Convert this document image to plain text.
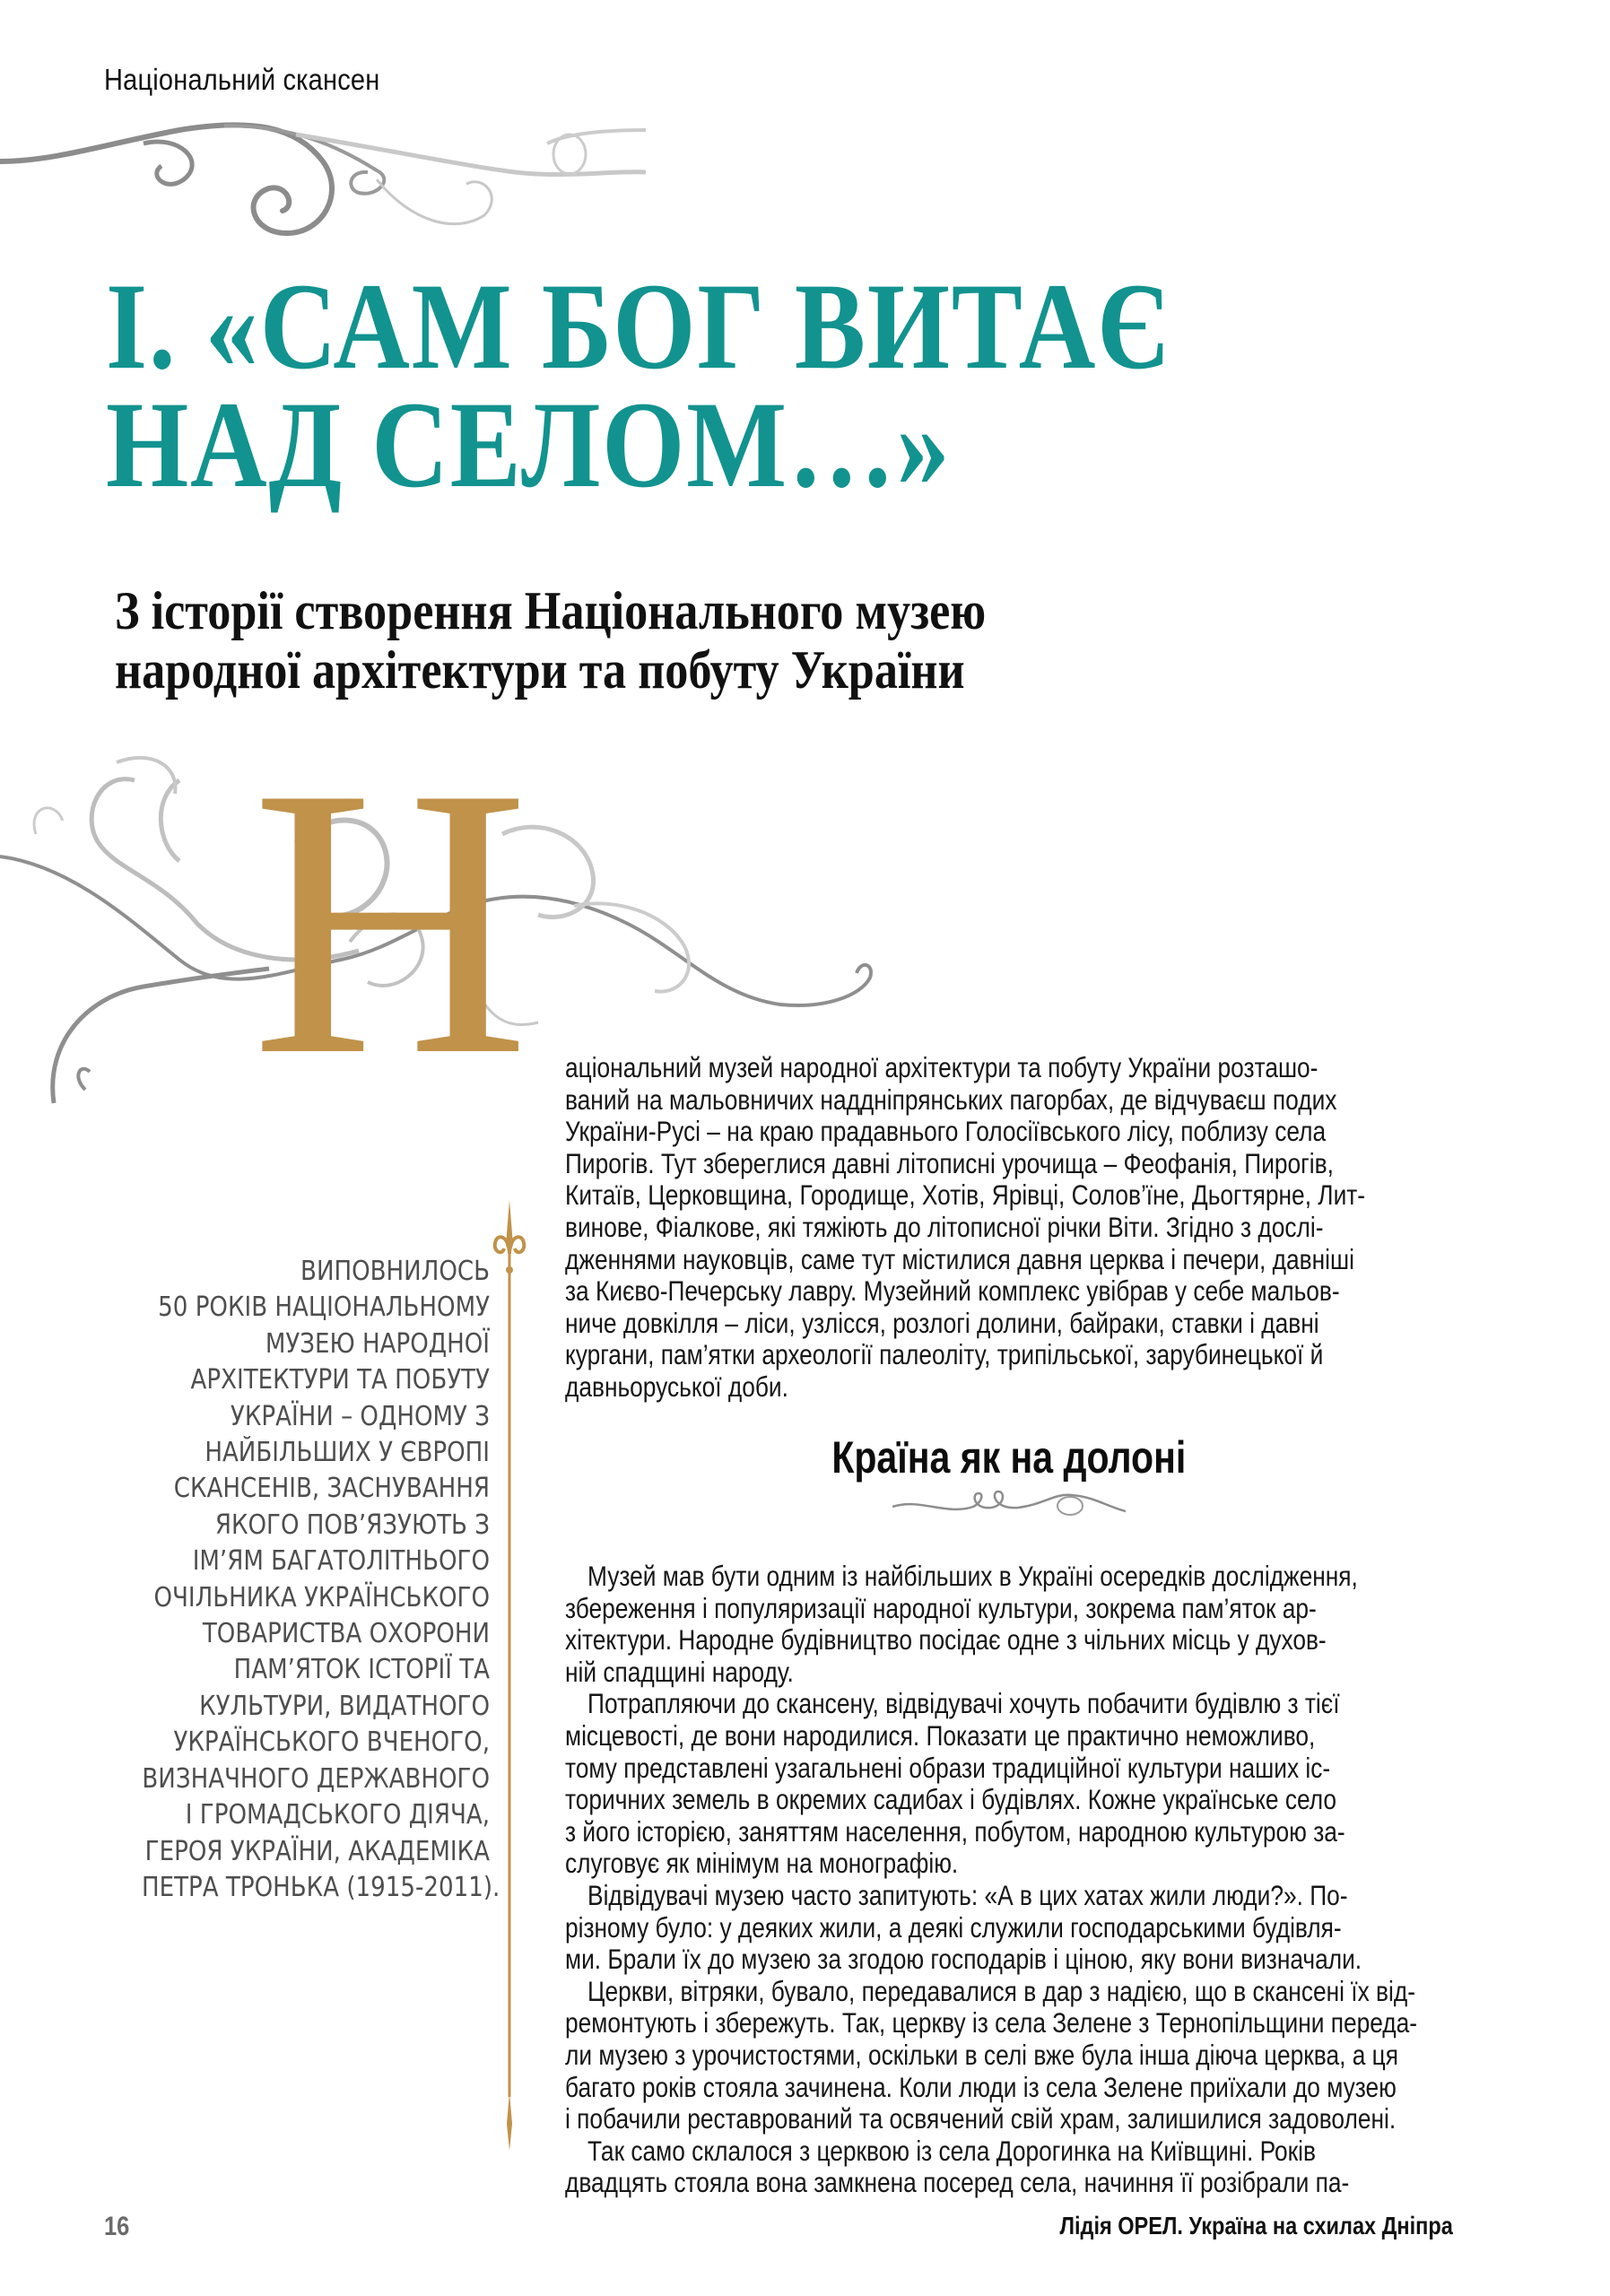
Національний скансен
І. «САМ БОГ ВИТАЄ
НАД СЕЛОМ…»
З історії створення Національного музею
народної архітектури та побуту України
Н	аціональний музей народної архітектури та побуту України розташо-
ваний на мальовничих наддніпрянських пагорбах, де відчуваєш подих
України-Русі – на краю прадавнього Голосіївського лісу, поблизу села
Пирогів. Тут збереглися давні літописні урочища – Феофанія, Пирогів,
Китаїв, Церковщина, Городище, Хотів, Ярівці, Солов’їне, Дьогтярне, Лит-
винове, Фіалкове, які тяжіють до літописної річки Віти. Згідно з дослі-
дженнями науковців, саме тут містилися давня церква і печери, давніші
за Києво-Печерську лавру. Музейний комплекс увібрав у себе мальов-
ниче довкілля – ліси, узлісся, розлогі долини, байраки, ставки і давні
кургани, пам’ятки археології палеоліту, трипільської, зарубинецької й
давньоруської доби.
Країна як на долоні
Музей мав бути одним із найбільших в Україні осередків дослідження,
збереження і популяризації народної культури, зокрема пам’яток ар-
хітектури. Народне будівництво посідає одне з чільних місць у духов-
ній спадщині народу.
Потрапляючи до скансену, відвідувачі хочуть побачити будівлю з тієї
місцевості, де вони народилися. Показати це практично неможливо,
тому представлені узагальнені образи традиційної культури наших іс-
торичних земель в окремих садибах і будівлях. Кожне українське село
з його історією, заняттям населення, побутом, народною культурою за-
слуговує як мінімум на монографію.
Відвідувачі музею часто запитують: «А в цих хатах жили люди?». По-
різному було: у деяких жили, а деякі служили господарськими будівля-
ми. Брали їх до музею за згодою господарів і ціною, яку вони визначали.
Церкви, вітряки, бувало, передавалися в дар з надією, що в скансені їх від-
ремонтують і збережуть. Так, церкву із села Зелене з Тернопільщини переда-
ли музею з урочистостями, оскільки в селі вже була інша діюча церква, а ця
багато років стояла зачинена. Коли люди із села Зелене приїхали до музею
і побачили реставрований та освячений свій храм, залишилися задоволені.
Так само склалося з церквою із села Дорогинка на Київщині. Років
двадцять стояла вона замкнена посеред села, начиння її розібрали па-
ВИПОВНИЛОСЬ
50 РОКІВ НАЦІОНАЛЬНОМУ
МУЗЕЮ НАРОДНОЇ
АРХІТЕКТУРИ ТА ПОБУТУ
УКРАЇНИ – ОДНОМУ З
НАЙБІЛЬШИХ У ЄВРОПІ
СКАНСЕНІВ, ЗАСНУВАННЯ
ЯКОГО ПОВ’ЯЗУЮТЬ З
ІМ’ЯМ БАГАТОЛІТНЬОГО
ОЧІЛЬНИКА УКРАЇНСЬКОГО
ТОВАРИСТВА ОХОРОНИ
ПАМ’ЯТОК ІСТОРІЇ ТА
КУЛЬТУРИ, ВИДАТНОГО
УКРАЇНСЬКОГО ВЧЕНОГО,
ВИЗНАЧНОГО ДЕРЖАВНОГО
І ГРОМАДСЬКОГО ДІЯЧА,
ГЕРОЯ УКРАЇНИ, АКАДЕМІКА
ПЕТРА ТРОНЬКА (1915-2011).
16	Лідія ОРЕЛ. Україна на схилах Дніпра
